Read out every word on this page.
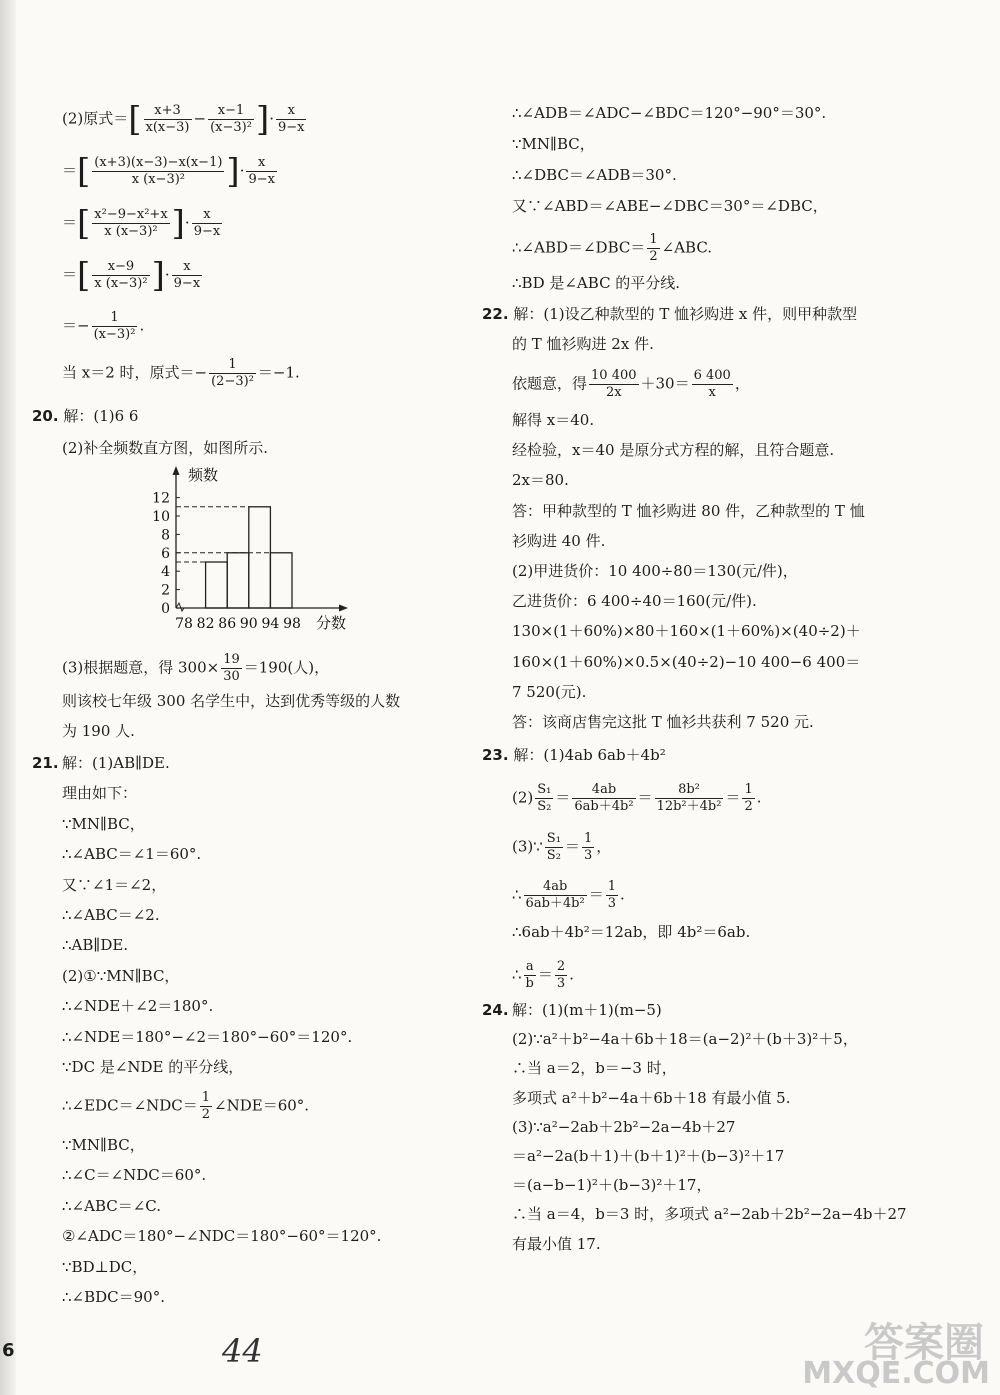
(2)原式＝[ $\frac{x+3}{x(x-3)} - \frac{x-1}{\text{(x−3)²}}$ ]· $\frac{x}{9-x}$
＝[ $\frac{(x+3)(x-3)-x(x-1)}{\text{x (x−3)²}}$ ]· $\frac{x}{9-x}$
＝[ $\frac{\text{x²−9−x²+x}}{\text{x (x−3)²}}$ ]· $\frac{x}{9-x}$
＝[ $\frac{x-9}{\text{x (x−3)²}}$ ]· $\frac{x}{9-x}$
＝− $\frac{1}{\text{(x−3)²}}$ .
当 x＝2 时，原式＝− $\frac{1}{\text{(2−3)²}} =-1$.
20. 解：(1)6 6
(2)补全频数直方图，如图所示.
0
2
4
6
8
10
12
78 82 86 90 94 98
频数
分数
(3)根据题意，得 $300\times \frac{19}{30} =190$(人)，
则该校七年级 300 名学生中，达到优秀等级的人数
为 190 人.
21. 解：(1)AB∥DE.
理由如下：
∵MN∥BC，
∴∠ABC＝∠1＝60°.
又∵∠1＝∠2，
∴∠ABC＝∠2.
∴AB∥DE.
(2)①∵MN∥BC，
∴∠NDE＋∠2＝180°.
∴∠NDE＝180°−∠2＝180°−60°＝120°.
∵DC 是∠NDE 的平分线，
∴∠EDC＝∠NDC＝ $\frac{1}{2}$ ∠NDE＝60°.
∵MN∥BC，
∴∠C＝∠NDC＝60°.
∴∠ABC＝∠C.
②∠ADC＝180°−∠NDC＝180°−60°＝120°.
∵BD⊥DC，
∴∠BDC＝90°.
∴∠ADB＝∠ADC−∠BDC＝120°−90°＝30°.
∵MN∥BC，
∴∠DBC＝∠ADB＝30°.
又∵∠ABD＝∠ABE−∠DBC＝30°＝∠DBC，
∴∠ABD＝∠DBC＝ $\frac{1}{2}$ ∠ABC.
∴BD 是∠ABC 的平分线.
22. 解：(1)设乙种款型的 T 恤衫购进 x 件，则甲种款型
的 T 恤衫购进 2x 件.
依题意，得 $\frac{10 400}{2x} +30= \frac{6 400}{x}$ ，
解得 x＝40.
经检验，x＝40 是原分式方程的解，且符合题意.
2x＝80.
答：甲种款型的 T 恤衫购进 80 件，乙种款型的 T 恤
衫购进 40 件.
(2)甲进货价：10 400÷80＝130(元/件)，
乙进货价：6 400÷40＝160(元/件).
130×(1＋60%)×80＋160×(1＋60%)×(40÷2)＋
160×(1＋60%)×0.5×(40÷2)−10 400−6 400＝
7 520(元).
答：该商店售完这批 T 恤衫共获利 7 520 元.
23. 解：(1)4ab 6ab＋4b²
$(2) \frac{\text{S₁}}{\text{S₂}} = \frac{4ab}{\text{6ab＋4b²}} = \frac{\text{8b²}}{\text{12b²＋4b²}} = \frac{1}{2}$ .
(3)∵ $\frac{\text{S₁}}{\text{S₂}} = \frac{1}{3}$ ，
∴ $\frac{4ab}{\text{6ab＋4b²}} = \frac{1}{3}$ .
∴6ab＋4b²＝12ab，即 4b²＝6ab.
∴ $\frac{a}{b} = \frac{2}{3}$ .
24. 解：(1)(m＋1)(m−5)
(2)∵a²＋b²−4a＋6b＋18＝(a−2)²＋(b＋3)²＋5，
∴当 a＝2，b＝−3 时，
多项式 a²＋b²−4a＋6b＋18 有最小值 5.
(3)∵a²−2ab＋2b²−2a−4b＋27
＝a²−2a(b＋1)＋(b＋1)²＋(b−3)²＋17
＝(a−b−1)²＋(b−3)²＋17，
∴当 a＝4，b＝3 时，多项式 a²−2ab＋2b²−2a−4b＋27
有最小值 17.
6	44	答案圈
MXQE.COM
